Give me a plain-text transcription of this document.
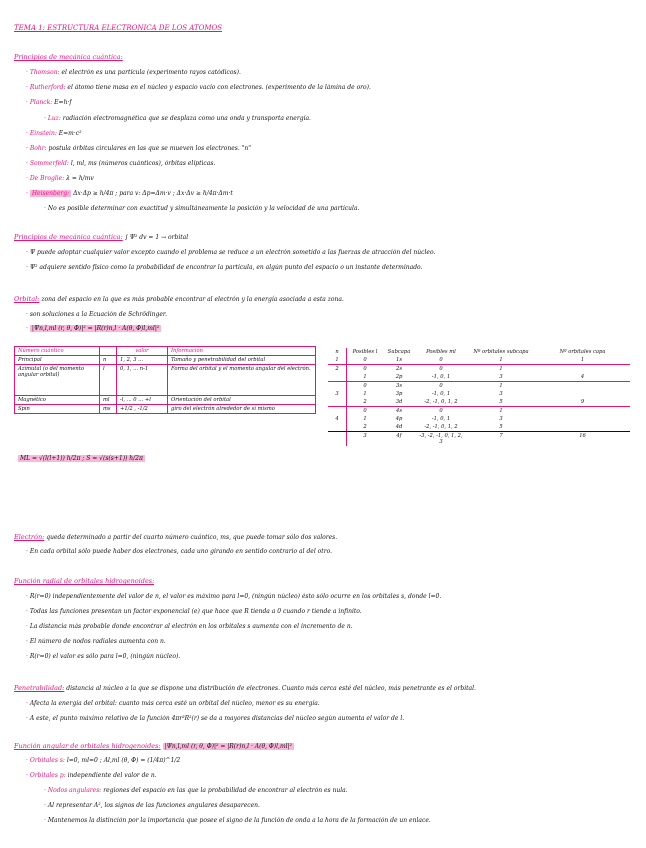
TEMA 1: ESTRUCTURA ELECTRÓNICA DE LOS ÁTOMOS
Principios de mecánica cuántica:
· Thomson: el electrón es una partícula (experimento rayos catódicos).
· Rutherford: el átomo tiene masa en el núcleo y espacio vacío con electrones. (experimento de la lámina de oro).
· Planck: E=h·f
· Luz: radiación electromagnética que se desplaza como una onda y transporta energía.
· Einstein: E=m·c²
· Bohr: postula órbitas circulares en las que se mueven los electrones. "n"
· Sommerfeld: l, ml, ms (números cuánticos), órbitas elípticas.
· De Broglie: λ = h/mv
· Heisenberg: Δx·Δp ≥ h/4π ; para v: Δp=Δm·v ; Δx·Δv ≥ h/4π·Δm·t
· No es posible determinar con exactitud y simultáneamente la posición y la velocidad de una partícula.
Principios de mecánica cuántica: ∫ Ψ² dv = 1 → orbital
· Ψ puede adoptar cualquier valor excepto cuando el problema se reduce a un electrón sometido a las fuerzas de atracción del núcleo.
· Ψ² adquiere sentido físico como la probabilidad de encontrar la partícula, en algún punto del espacio o un instante determinado.
Orbital: zona del espacio en la que es más probable encontrar al electrón y la energía asociada a esta zona.
· son soluciones a la Ecuación de Schrödinger.
· |Ψn,l,ml (r, θ, Φ)|² = |R(r)n,l · A(θ, Φ)l,ml|²
Número cuántico		valor	Información
Principal	n	1, 2, 3 ...	Tamaño y penetrabilidad del orbital
Azimutal (o del momento angular orbital)	l	0, 1, ... n-1	Forma del orbital y el momento angular del electrón.
Magnético	ml	-l, ... 0 ... +l	Orientación del orbital
Spin	ms	+1/2 , -1/2	giro del electrón alrededor de sí mismo
ML = √(l(l+1)) h/2π ; S = √(s(s+1)) h/2π
n	Posibles l	Subcapa	Posibles ml	Nº orbitales subcapa	Nº orbitales capa
1	0	1s	0	1	1
2	0	2s	0	1	
	1	2p	-1, 0, 1	3	4
	0	3s	0	1	
3	1	3p	-1, 0, 1	3	
	2	3d	-2, -1, 0, 1, 2	5	9
	0	4s	0	1	
4	1	4p	-1, 0, 1	3	
	2	4d	-2, -1, 0, 1, 2	5	
	3	4f	-3, -2, -1, 0, 1, 2, 3	7	16
Electrón: queda determinado a partir del cuarto número cuántico, ms, que puede tomar sólo dos valores.
· En cada orbital sólo puede haber dos electrones, cada uno girando en sentido contrario al del otro.
Función radial de orbitales hidrogenoides:
· R(r=0) independientemente del valor de n, el valor es máximo para l=0, (ningún núcleo) ésto sólo ocurre en los orbitales s, donde l=0.
· Todas las funciones presentan un factor exponencial (e) que hace que R tienda a 0 cuando r tiende a infinito.
· La distancia más probable donde encontrar al electrón en los orbitales s aumenta con el incremento de n.
· El número de nodos radiales aumenta con n.
· R(r=0) el valor es sólo para l=0, (ningún núcleo).
Penetrabilidad: distancia al núcleo a la que se dispone una distribución de electrones. Cuanto más cerca esté del núcleo, más penetrante es el orbital.
· Afecta la energía del orbital: cuanto más cerca esté un orbital del núcleo, menor es su energía.
· A este, el punto máximo relativo de la función 4πr²R²(r) se da a mayores distancias del núcleo según aumenta el valor de l.
Función angular de orbitales hidrogenoides: |Ψn,l,ml (r, θ, Φ)|² = |R(r)n,l · A(θ, Φ)l,ml|²
· Orbitales s: l=0, ml=0 ; Al,ml (θ, Φ) = (1/4π)^1/2
· Orbitales p: independiente del valor de n.
· Nodos angulares: regiones del espacio en las que la probabilidad de encontrar al electrón es nula.
· Al representar A², los signos de las funciones angulares desaparecen.
· Mantenemos la distinción por la importancia que posee el signo de la función de onda a la hora de la formación de un enlace.
